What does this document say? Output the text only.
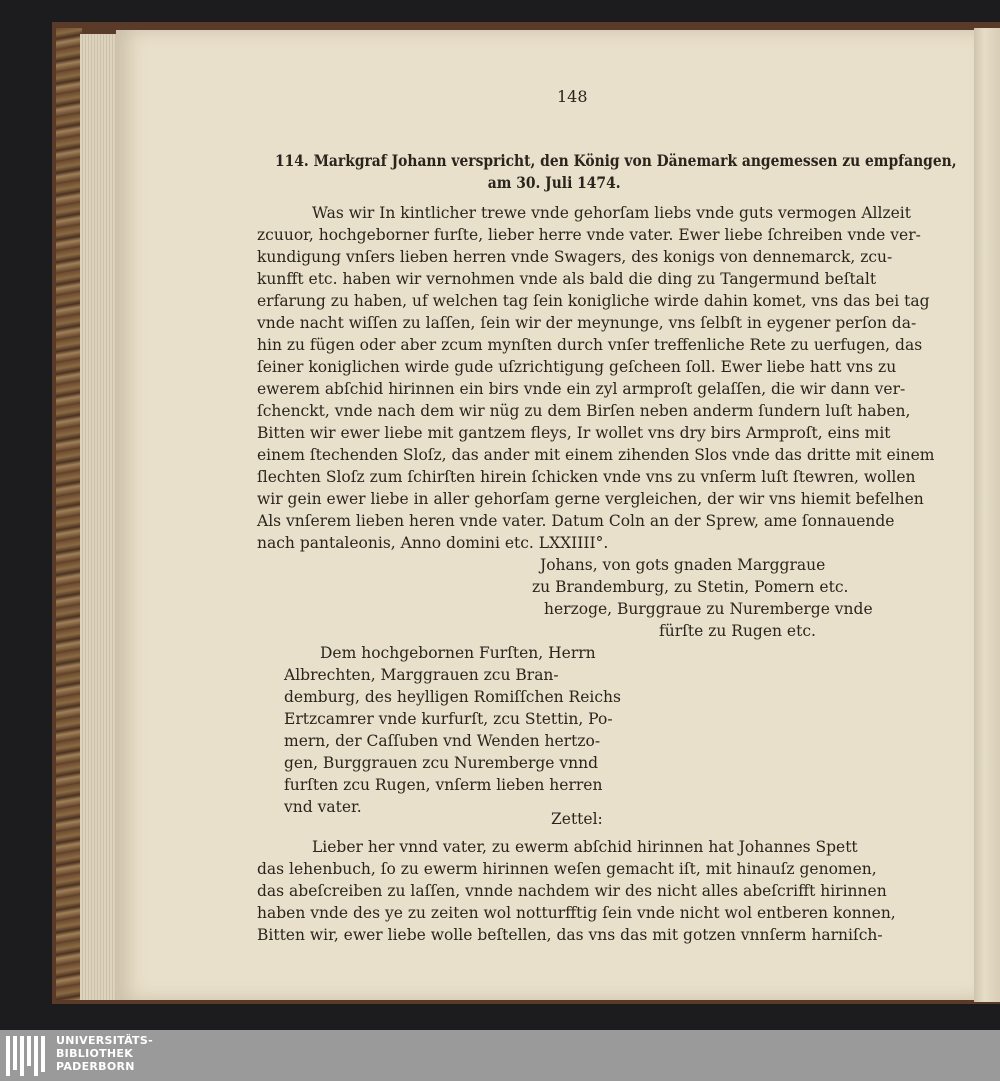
148
114. Markgraf Johann verspricht, den König von Dänemark angemessen zu empfangen,
am 30. Juli 1474.
Was wir In kintlicher trewe vnde gehorſam liebs vnde guts vermogen Allzeit
zcuuor, hochgeborner furſte, lieber herre vnde vater. Ewer liebe ſchreiben vnde ver-
kundigung vnſers lieben herren vnde Swagers, des konigs von dennemarck, zcu-
kunfft etc. haben wir vernohmen vnde als bald die ding zu Tangermund beſtalt
erfarung zu haben, uf welchen tag ſein konigliche wirde dahin komet, vns das bei tag
vnde nacht wiſſen zu laſſen, ſein wir der meynunge, vns ſelbſt in eygener perſon da-
hin zu fügen oder aber zcum mynſten durch vnſer treffenliche Rete zu uerfugen, das
ſeiner koniglichen wirde gude uſzrichtigung geſcheen ſoll. Ewer liebe hatt vns zu
ewerem abſchid hirinnen ein birs vnde ein zyl armproſt gelaſſen, die wir dann ver-
ſchenckt, vnde nach dem wir nüg zu dem Birſen neben anderm ſundern luſt haben,
Bitten wir ewer liebe mit gantzem fleys, Ir wollet vns dry birs Armproſt, eins mit
einem ſtechenden Sloſz, das ander mit einem zihenden Slos vnde das dritte mit einem
ſlechten Sloſz zum ſchirſten hirein ſchicken vnde vns zu vnſerm luſt ſtewren, wollen
wir gein ewer liebe in aller gehorſam gerne vergleichen, der wir vns hiemit befelhen
Als vnſerem lieben heren vnde vater. Datum Coln an der Sprew, ame ſonnauende
nach pantaleonis, Anno domini etc. LXXIIII°.
Johans, von gots gnaden Marggraue
zu Brandemburg, zu Stetin, Pomern etc.
herzoge, Burggraue zu Nuremberge vnde
fürſte zu Rugen etc.
Dem hochgebornen Furſten, Herrn
Albrechten, Marggrauen zcu Bran-
demburg, des heylligen Romiſſchen Reichs
Ertzcamrer vnde kurfurſt, zcu Stettin, Po-
mern, der Caſſuben vnd Wenden hertzo-
gen, Burggrauen zcu Nuremberge vnnd
furſten zcu Rugen, vnſerm lieben herren
vnd vater.
Zettel:
Lieber her vnnd vater, zu ewerm abſchid hirinnen hat Johannes Spett
das lehenbuch, ſo zu ewerm hirinnen weſen gemacht iſt, mit hinauſz genomen,
das abeſcreiben zu laſſen, vnnde nachdem wir des nicht alles abeſcrifft hirinnen
haben vnde des ye zu zeiten wol notturfftig ſein vnde nicht wol entberen konnen,
Bitten wir, ewer liebe wolle beſtellen, das vns das mit gotzen vnnſerm harniſch-
UNIVERSITÄTS-
BIBLIOTHEK
PADERBORN
